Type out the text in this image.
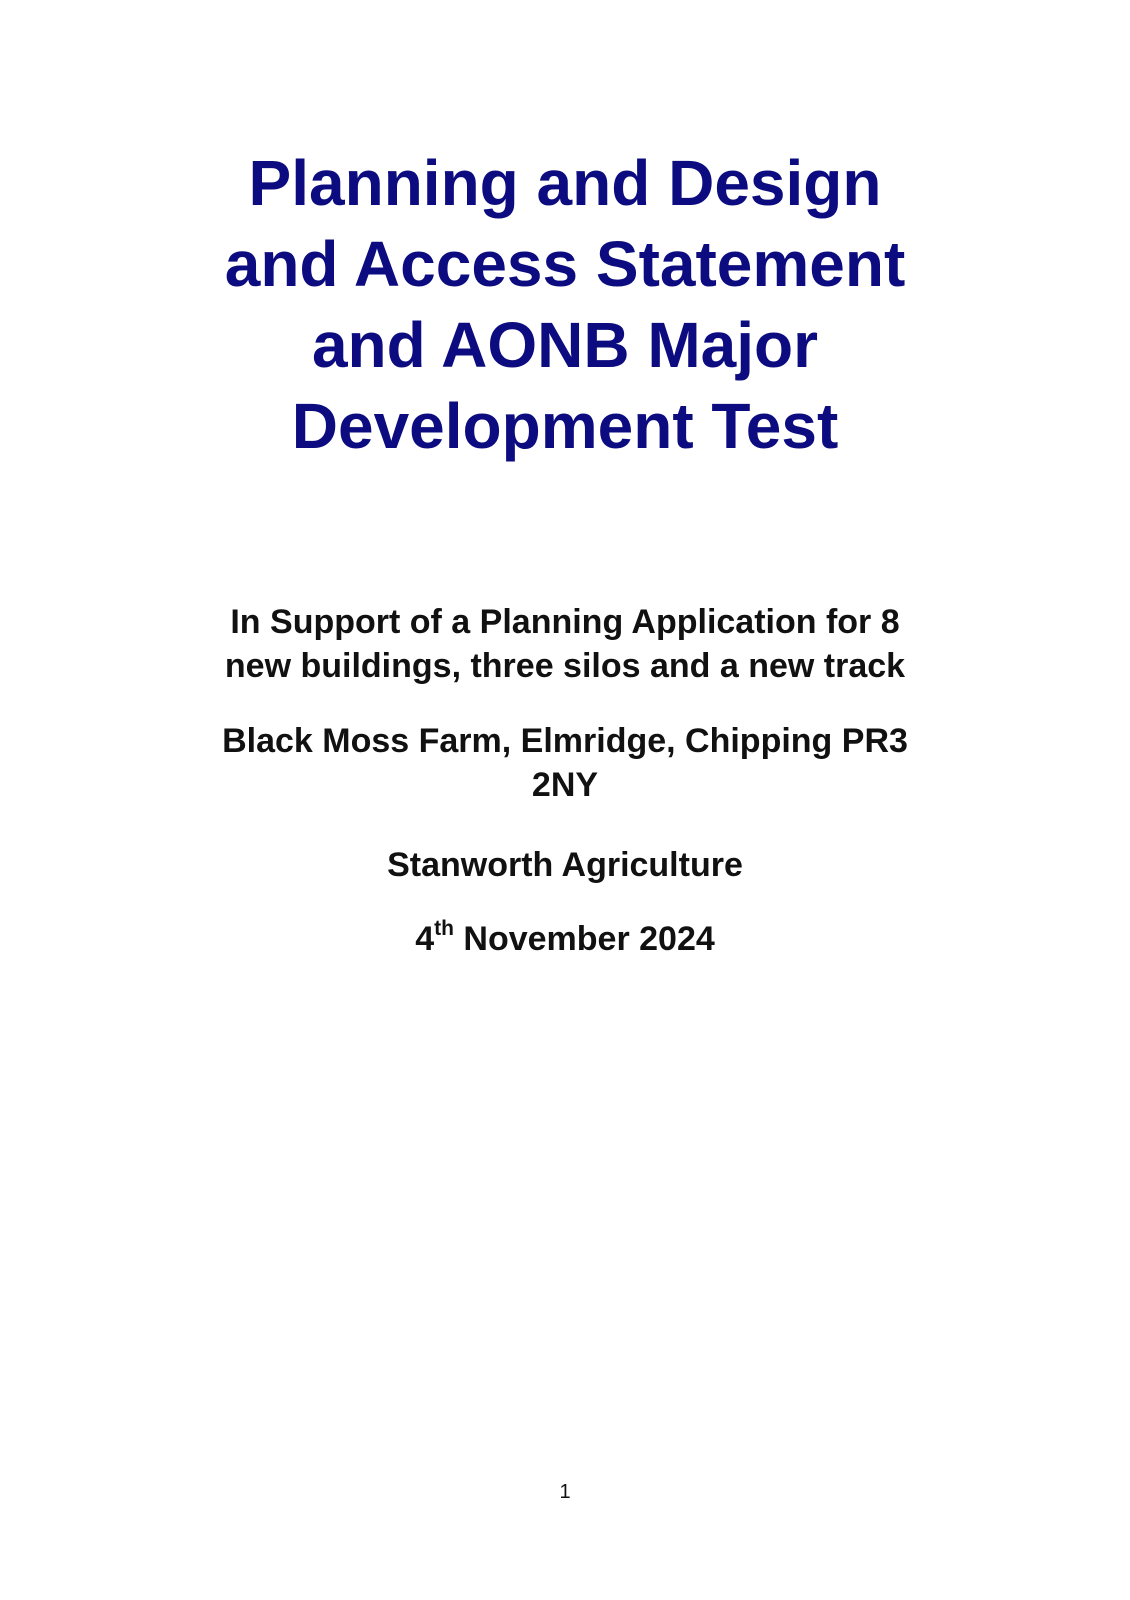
Planning and Design
and Access Statement
and AONB Major
Development Test
In Support of a Planning Application for 8
new buildings, three silos and a new track
Black Moss Farm, Elmridge, Chipping PR3
2NY
Stanworth Agriculture
4th November 2024
1
